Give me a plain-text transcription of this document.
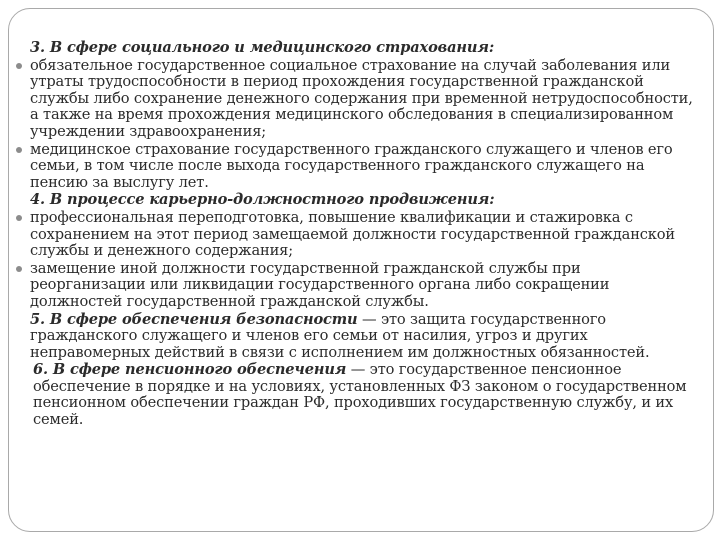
3. В сфере социального и медицинского страхования:
обязательное государственное социальное страхование на случай заболевания или утраты трудоспособности в период прохождения государственной гражданской службы либо сохранение денежного содержания при временной нетрудоспособности, а также на время прохождения медицинского обследования в специализированном учреждении здравоохранения;
медицинское страхование государственного гражданского служащего и членов его семьи, в том числе после выхода государственного гражданского служащего на пенсию за выслугу лет.
4. В процессе карьерно-должностного продвижения:
профессиональная переподготовка, повышение квалификации и стажировка с сохранением на этот период замещаемой должности государственной гражданской службы и денежного содержания;
замещение иной должности государственной гражданской службы при реорганизации или ликвидации государственного органа либо сокращении должностей государственной гражданской службы.
5. В сфере обеспечения безопасности — это защита государственного гражданского служащего и членов его семьи от насилия, угроз и других неправомерных действий в связи с исполнением им должностных обязанностей.
6. В сфере пенсионного обеспечения — это государственное пенсионное обеспечение в порядке и на условиях, установленных ФЗ законом о государственном пенсионном обеспечении граждан РФ, проходивших государственную службу, и их семей.
